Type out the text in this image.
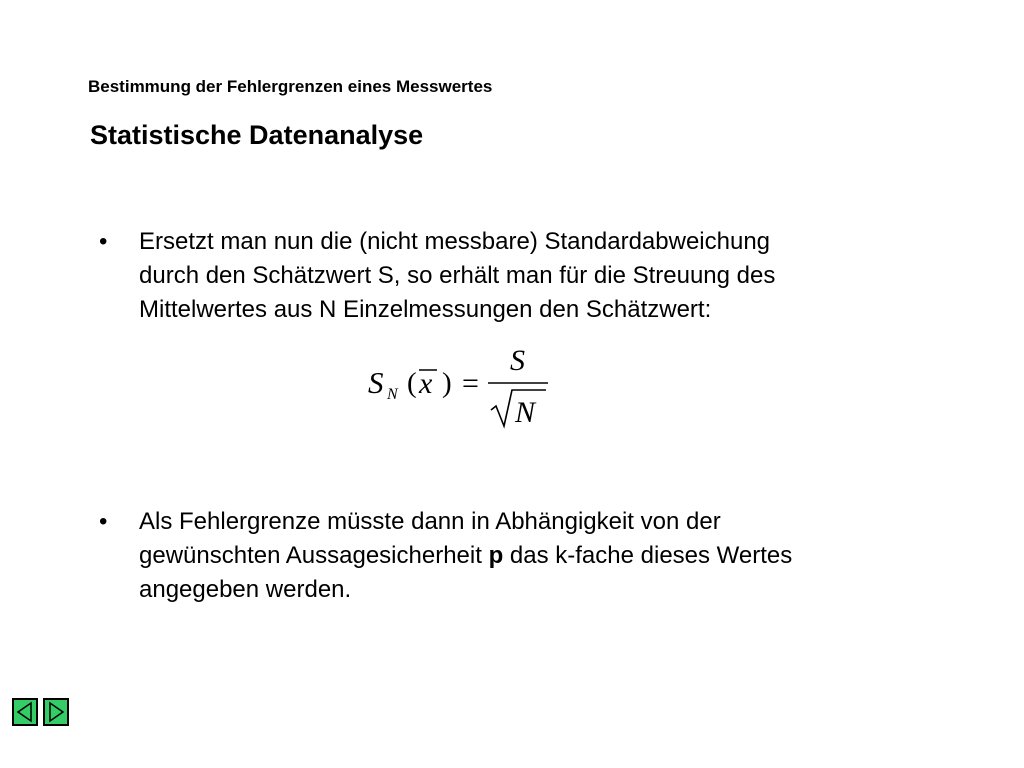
Bestimmung der Fehlergrenzen eines Messwertes
Statistische Datenanalyse
• Ersetzt man nun die (nicht messbare) Standardabweichung
durch den Schätzwert S, so erhält man für die Streuung des
Mittelwertes aus N Einzelmessungen den Schätzwert:
S N ( x ) =
S
N
• Als Fehlergrenze müsste dann in Abhängigkeit von der
gewünschten Aussagesicherheit p das k-fache dieses Wertes
angegeben werden.
